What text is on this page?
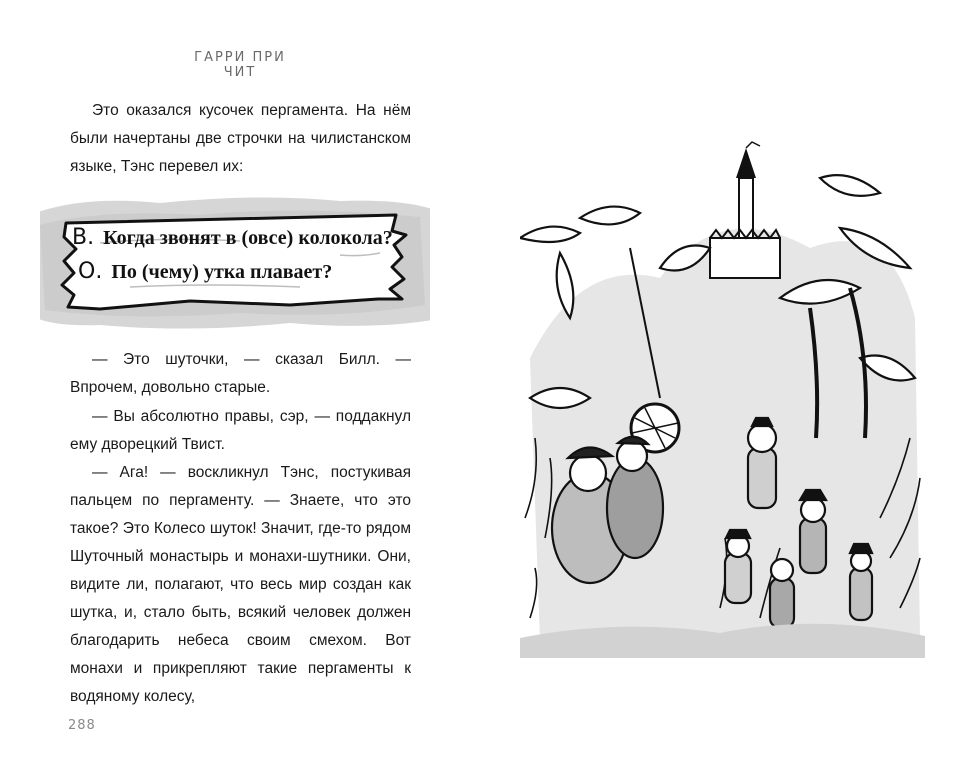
ГАРРИ ПРИ ЧИТ

Это оказался кусочек пергамента. На нём были начертаны две строчки на чилистанском языке, Тэнс перевел их:

В. Когда звонят в (овсе) колокола?
О. По (чему) утка плавает?

— Это шуточки, — сказал Билл. — Впрочем, довольно старые.

— Вы абсолютно правы, сэр, — поддакнул ему дворецкий Твист.

— Ага! — воскликнул Тэнс, постукивая пальцем по пергаменту. — Знаете, что это такое? Это Колесо шуток! Значит, где-то рядом Шуточный монастырь и монахи-шутники. Они, видите ли, полагают, что весь мир создан как шутка, и, стало быть, всякий человек должен благодарить небеса своим смехом. Вот монахи и прикрепляют такие пергаменты к водяному колесу,

288
